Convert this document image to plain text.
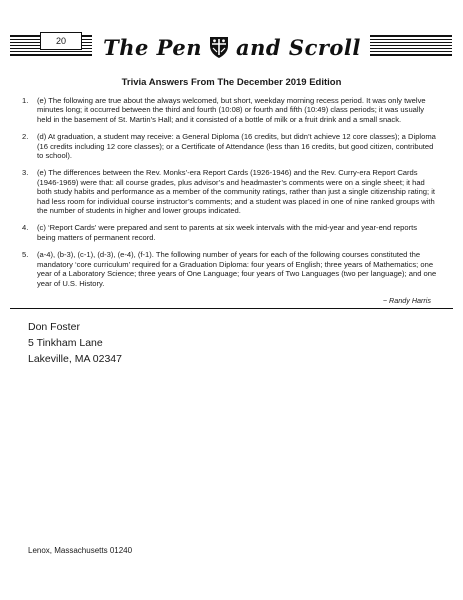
20	The Pen and Scroll
Trivia Answers From The December 2019 Edition
1.	(e) The following are true about the always welcomed, but short, weekday morning recess period. It was only twelve minutes long; it occurred between the third and fourth (10:08) or fourth and fifth (10:49) class periods; it was usually held in the basement of St. Martin’s Hall; and it consisted of a bottle of milk or a fruit drink and a small snack.
2.	(d) At graduation, a student may receive: a General Diploma (16 credits, but didn’t achieve 12 core classes); a Diploma (16 credits including 12 core classes); or a Certificate of Attendance (less than 16 credits, but good citizen, contributed to school).
3.	(e) The differences between the Rev. Monks’-era Report Cards (1926-1946) and the Rev. Curry-era Report Cards (1946-1969) were that: all course grades, plus advisor’s and headmaster’s comments were on a single sheet; it had both study habits and performance as a member of the community ratings, rather than just a single citizenship rating; it had less room for individual course instructor’s comments; and a student was placed in one of nine ranked groups with the number of students in higher and lower groups indicated.
4.	(c) ‘Report Cards’ were prepared and sent to parents at six week intervals with the mid-year and year-end reports being matters of permanent record.
5.	(a-4), (b-3), (c-1), (d-3), (e-4), (f-1). The following number of years for each of the following courses constituted the mandatory ‘core curriculum’ required for a Graduation Diploma: four years of English; three years of Mathematics; one year of a Laboratory Science; three years of One Language; four years of Two Languages (two per language); and one year of U.S. History.
~ Randy Harris
Don Foster
5 Tinkham Lane
Lakeville, MA 02347
Lenox, Massachusetts 01240
